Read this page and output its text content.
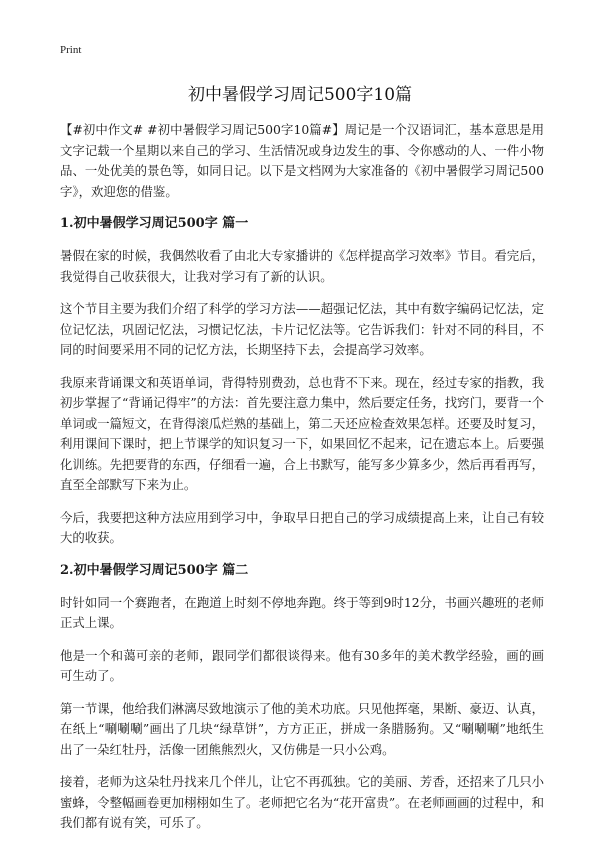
Print
初中暑假学习周记500字10篇

【#初中作文# #初中暑假学习周记500字10篇#】周记是一个汉语词汇，基本意思是用文字记载一个星期以来自己的学习、生活情况或身边发生的事、令你感动的人、一件小物品、一处优美的景色等，如同日记。以下是文档网为大家准备的《初中暑假学习周记500字》，欢迎您的借鉴。

1.初中暑假学习周记500字 篇一

暑假在家的时候，我偶然收看了由北大专家播讲的《怎样提高学习效率》节目。看完后，我觉得自己收获很大，让我对学习有了新的认识。

这个节目主要为我们介绍了科学的学习方法——超强记忆法，其中有数字编码记忆法，定位记忆法，巩固记忆法，习惯记忆法，卡片记忆法等。它告诉我们：针对不同的科目，不同的时间要采用不同的记忆方法，长期坚持下去，会提高学习效率。

我原来背诵课文和英语单词，背得特别费劲，总也背不下来。现在，经过专家的指教，我初步掌握了“背诵记得牢”的方法：首先要注意力集中，然后要定任务，找窍门，要背一个单词或一篇短文，在背得滚瓜烂熟的基础上，第二天还应检查效果怎样。还要及时复习，利用课间下课时，把上节课学的知识复习一下，如果回忆不起来，记在遗忘本上。后要强化训练。先把要背的东西，仔细看一遍，合上书默写，能写多少算多少，然后再看再写，直至全部默写下来为止。

今后，我要把这种方法应用到学习中，争取早日把自己的学习成绩提高上来，让自己有较大的收获。

2.初中暑假学习周记500字 篇二

时针如同一个赛跑者，在跑道上时刻不停地奔跑。终于等到9时12分，书画兴趣班的老师正式上课。

他是一个和蔼可亲的老师，跟同学们都很谈得来。他有30多年的美术教学经验，画的画可生动了。

第一节课，他给我们淋漓尽致地演示了他的美术功底。只见他挥毫，果断、豪迈、认真，在纸上“唰唰唰”画出了几块“绿草饼”，方方正正，拼成一条腊肠狗。又“唰唰唰”地纸生出了一朵红牡丹，活像一团熊熊烈火，又仿佛是一只小公鸡。

接着，老师为这朵牡丹找来几个伴儿，让它不再孤独。它的美丽、芳香，还招来了几只小蜜蜂，令整幅画卷更加栩栩如生了。老师把它名为“花开富贵”。在老师画画的过程中，和我们都有说有笑，可乐了。
